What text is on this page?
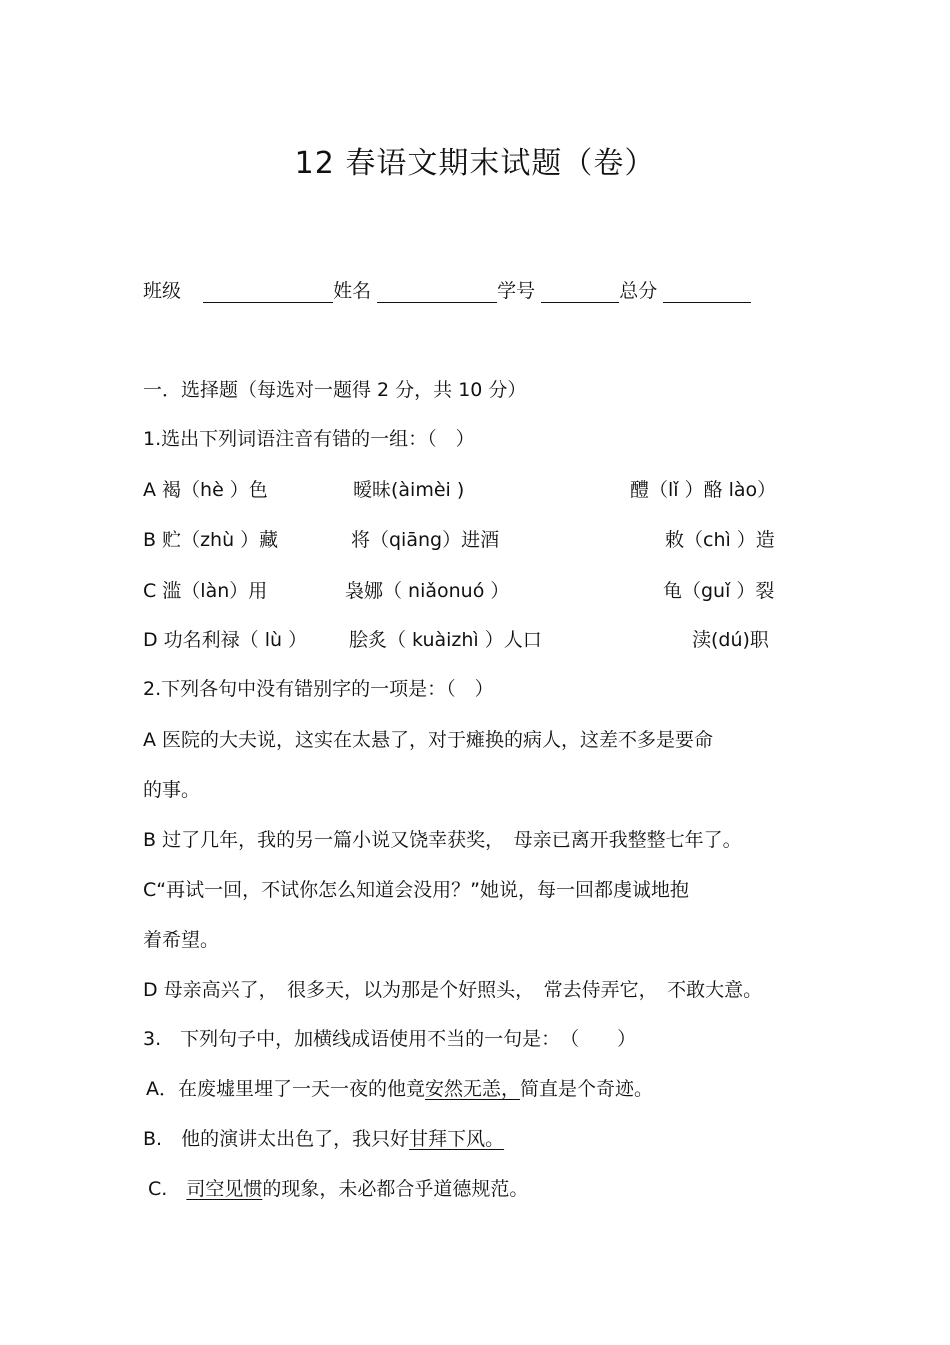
12 春语文期末试题（卷）
班级	姓名	学号	总分
一．选择题（每选对一题得 2 分，共 10 分）
1.选出下列词语注音有错的一组：（　）
A 褐（hè ）色	暧昧(àimèi )	醴（lǐ ）酪 lào）
B 贮（zhù ）藏	将（qiāng）进酒	敕（chì ）造
C 滥（làn）用	袅娜（ niǎonuó ）	龟（guǐ ）裂
D 功名利禄（ lù ） 脍炙（ kuàizhì ）人口	渎(dú)职
2.下列各句中没有错别字的一项是：（　）
A 医院的大夫说，这实在太悬了，对于瘫换的病人，这差不多是要命
的事。
B 过了几年，我的另一篇小说又饶幸获奖，　母亲已离开我整整七年了。
C“再试一回，不试你怎么知道会没用？”她说，每一回都虔诚地抱
着希望。
D 母亲高兴了，　很多天，以为那是个好照头，　常去侍弄它，　不敢大意。
3.　下列句子中，加横线成语使用不当的一句是：　（　　）
A．在废墟里埋了一天一夜的他竟安然无恙，简直是个奇迹。
B.　他的演讲太出色了，我只好甘拜下风。
C.　司空见惯的现象，未必都合乎道德规范。
